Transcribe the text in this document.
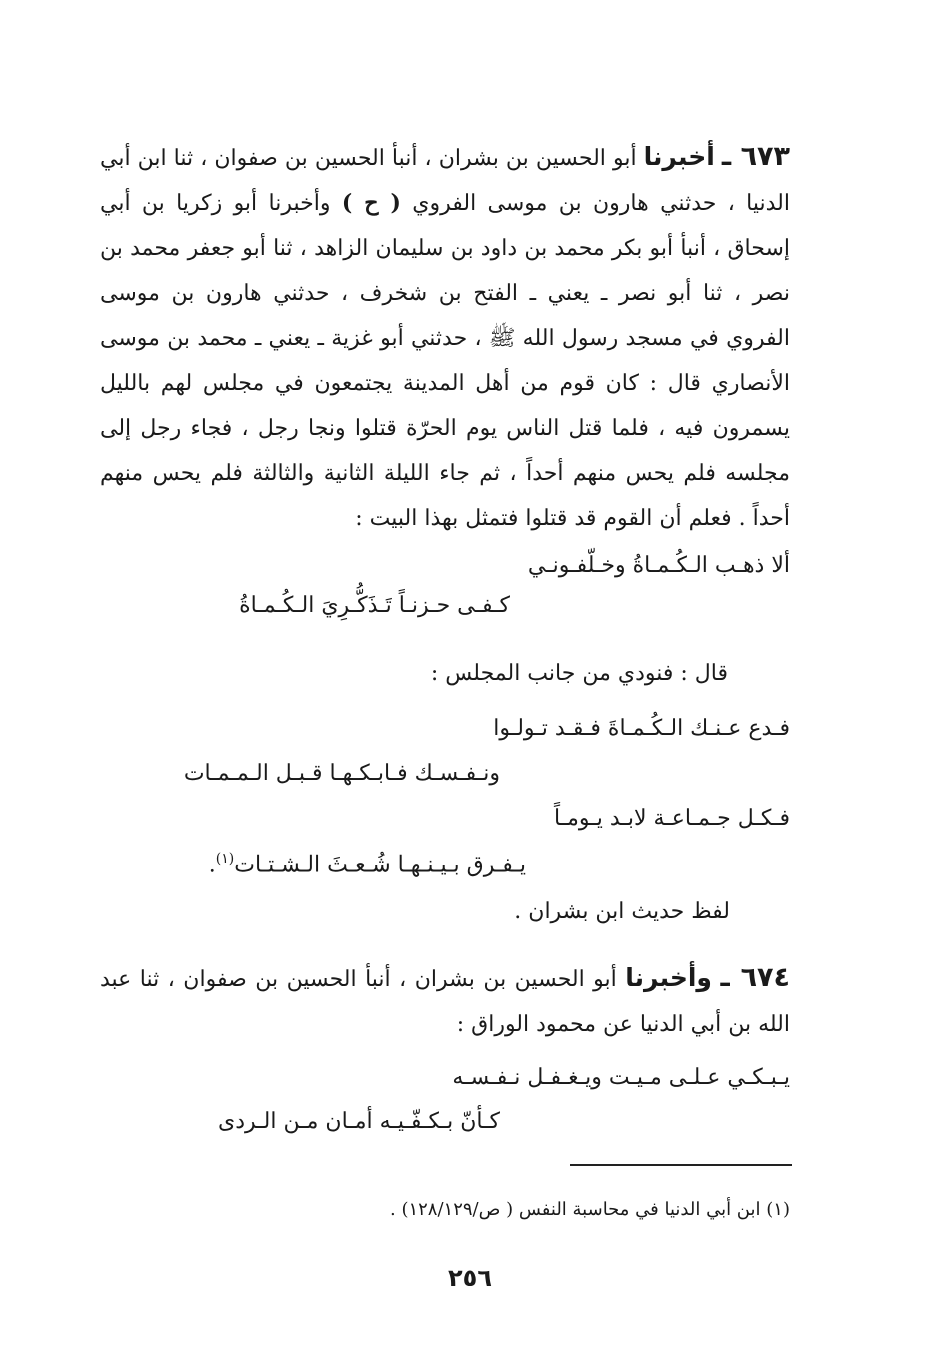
٦٧٣ ـ أخبرنا أبو الحسين بن بشران ، أنبأ الحسين بن صفوان ، ثنا ابن أبي الدنيا ، حدثني هارون بن موسى الفروي ( ح ) وأخبرنا أبو زكريا بن أبي إسحاق ، أنبأ أبو بكر محمد بن داود بن سليمان الزاهد ، ثنا أبو جعفر محمد بن نصر ، ثنا أبو نصر ـ يعني ـ الفتح بن شخرف ، حدثني هارون بن موسى الفروي في مسجد رسول الله ﷺ ، حدثني أبو غزية ـ يعني ـ محمد بن موسى الأنصاري قال : كان قوم من أهل المدينة يجتمعون في مجلس لهم بالليل يسمرون فيه ، فلما قتل الناس يوم الحرّة قتلوا ونجا رجل ، فجاء رجل إلى مجلسه فلم يحس منهم أحداً ، ثم جاء الليلة الثانية والثالثة فلم يحس منهم أحداً . فعلم أن القوم قد قتلوا فتمثل بهذا البيت :
ألا ذهـب الـكُـمـاةُ وخـلّفـونـي
كـفـى حـزنـاً تَـذَكُّـرِيَ الـكُـمـاةُ
قال : فنودي من جانب المجلس :
فـدع عـنـك الـكُـمـاةَ فـقـد تـولـوا
ونـفـسـك فـابـكـهـا قـبـل الـمـمـات
فـكـل جـمـاعـة لابـد يـومـاً
يـفـرق بـيـنـهـا شُـعـثَ الـشـتـات$^{(١)}$.
لفظ حديث ابن بشران .
٦٧٤ ـ وأخبرنا أبو الحسين بن بشران ، أنبأ الحسين بن صفوان ، ثنا عبد الله بن أبي الدنيا عن محمود الوراق :
يـبـكـي عـلـى مـيـت ويـغـفـل نـفـسـه
كـأنّ بـكـفّـيـه أمـان مـن الـردى
(١) ابن أبي الدنيا في محاسبة النفس ( ص/١٢٨/١٢٩) .
٢٥٦
